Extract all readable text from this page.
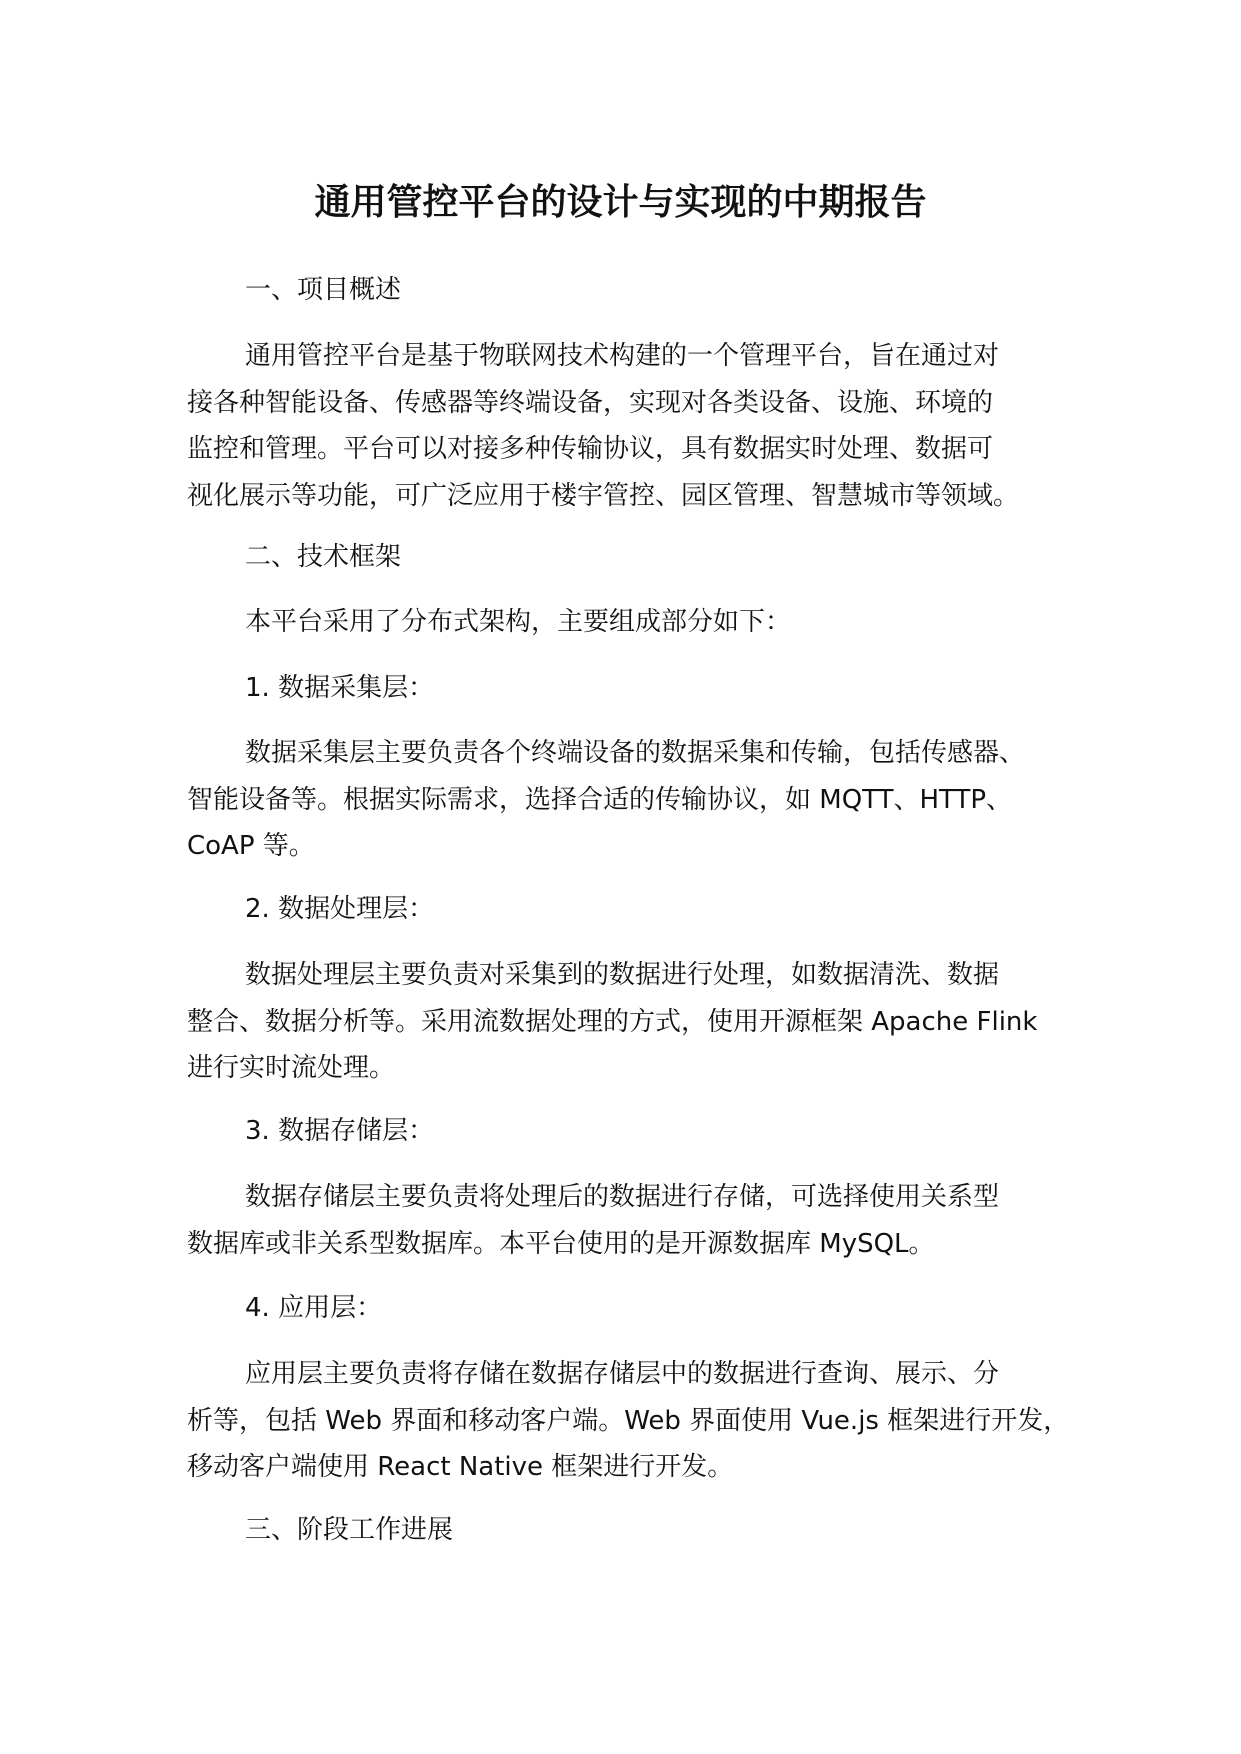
通用管控平台的设计与实现的中期报告

一、项目概述

通用管控平台是基于物联网技术构建的一个管理平台，旨在通过对
接各种智能设备、传感器等终端设备，实现对各类设备、设施、环境的
监控和管理。平台可以对接多种传输协议，具有数据实时处理、数据可
视化展示等功能，可广泛应用于楼宇管控、园区管理、智慧城市等领域。

二、技术框架

本平台采用了分布式架构，主要组成部分如下：

1. 数据采集层：

数据采集层主要负责各个终端设备的数据采集和传输，包括传感器、
智能设备等。根据实际需求，选择合适的传输协议，如 MQTT、HTTP、
CoAP 等。

2. 数据处理层：

数据处理层主要负责对采集到的数据进行处理，如数据清洗、数据
整合、数据分析等。采用流数据处理的方式，使用开源框架 Apache Flink
进行实时流处理。

3. 数据存储层：

数据存储层主要负责将处理后的数据进行存储，可选择使用关系型
数据库或非关系型数据库。本平台使用的是开源数据库 MySQL。

4. 应用层：

应用层主要负责将存储在数据存储层中的数据进行查询、展示、分
析等，包括 Web 界面和移动客户端。Web 界面使用 Vue.js 框架进行开发，
移动客户端使用 React Native 框架进行开发。

三、阶段工作进展
